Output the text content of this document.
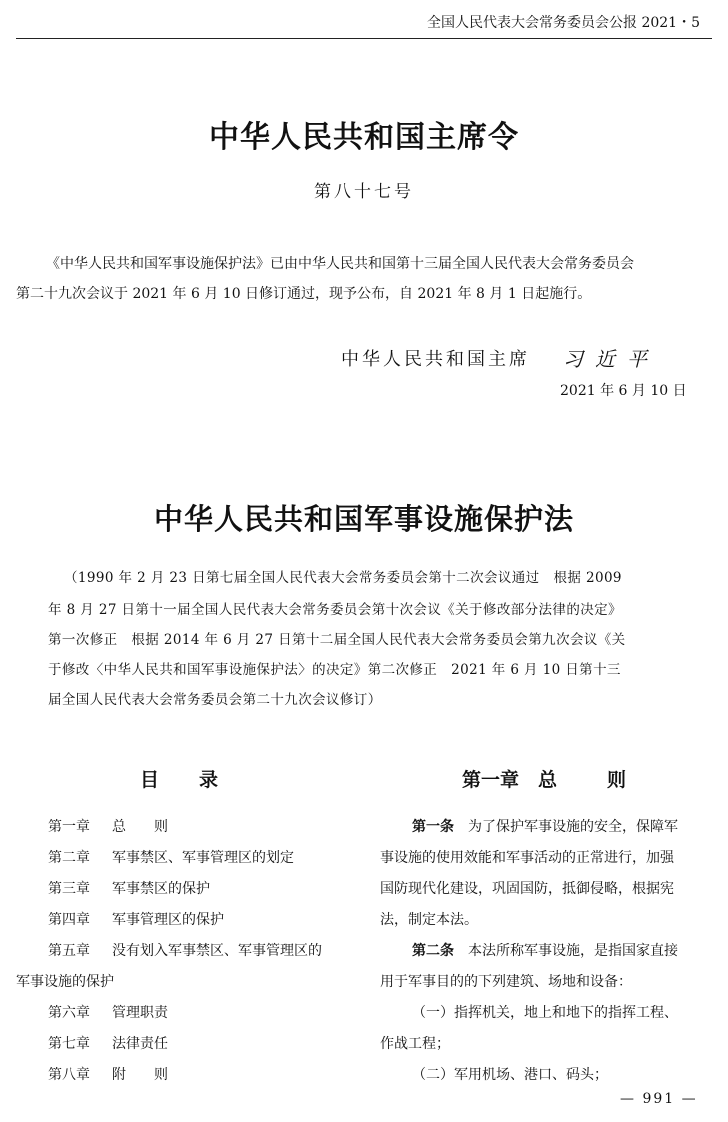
全国人民代表大会常务委员会公报 2021・5
中华人民共和国主席令
第八十七号
《中华人民共和国军事设施保护法》已由中华人民共和国第十三届全国人民代表大会常务委员会
第二十九次会议于 2021 年 6 月 10 日修订通过，现予公布，自 2021 年 8 月 1 日起施行。
中华人民共和国主席 习近平
2021 年 6 月 10 日
中华人民共和国军事设施保护法
（1990 年 2 月 23 日第七届全国人民代表大会常务委员会第十二次会议通过　根据 2009
年 8 月 27 日第十一届全国人民代表大会常务委员会第十次会议《关于修改部分法律的决定》
第一次修正　根据 2014 年 6 月 27 日第十二届全国人民代表大会常务委员会第九次会议《关
于修改〈中华人民共和国军事设施保护法〉的决定》第二次修正　2021 年 6 月 10 日第十三
届全国人民代表大会常务委员会第二十九次会议修订）
目录
第一章 总　　则
第二章 军事禁区、军事管理区的划定
第三章 军事禁区的保护
第四章 军事管理区的保护
第五章 没有划入军事禁区、军事管理区的
军事设施的保护
第六章 管理职责
第七章 法律责任
第八章 附　　则
第一章　 总　　则
第一条　 为了保护军事设施的安全，保障军
事设施的使用效能和军事活动的正常进行，加强
国防现代化建设，巩固国防，抵御侵略，根据宪
法，制定本法。
第二条　 本法所称军事设施，是指国家直接
用于军事目的的下列建筑、场地和设备：
（一）指挥机关，地上和地下的指挥工程、
作战工程；
（二）军用机场、港口、码头；
— 991 —
